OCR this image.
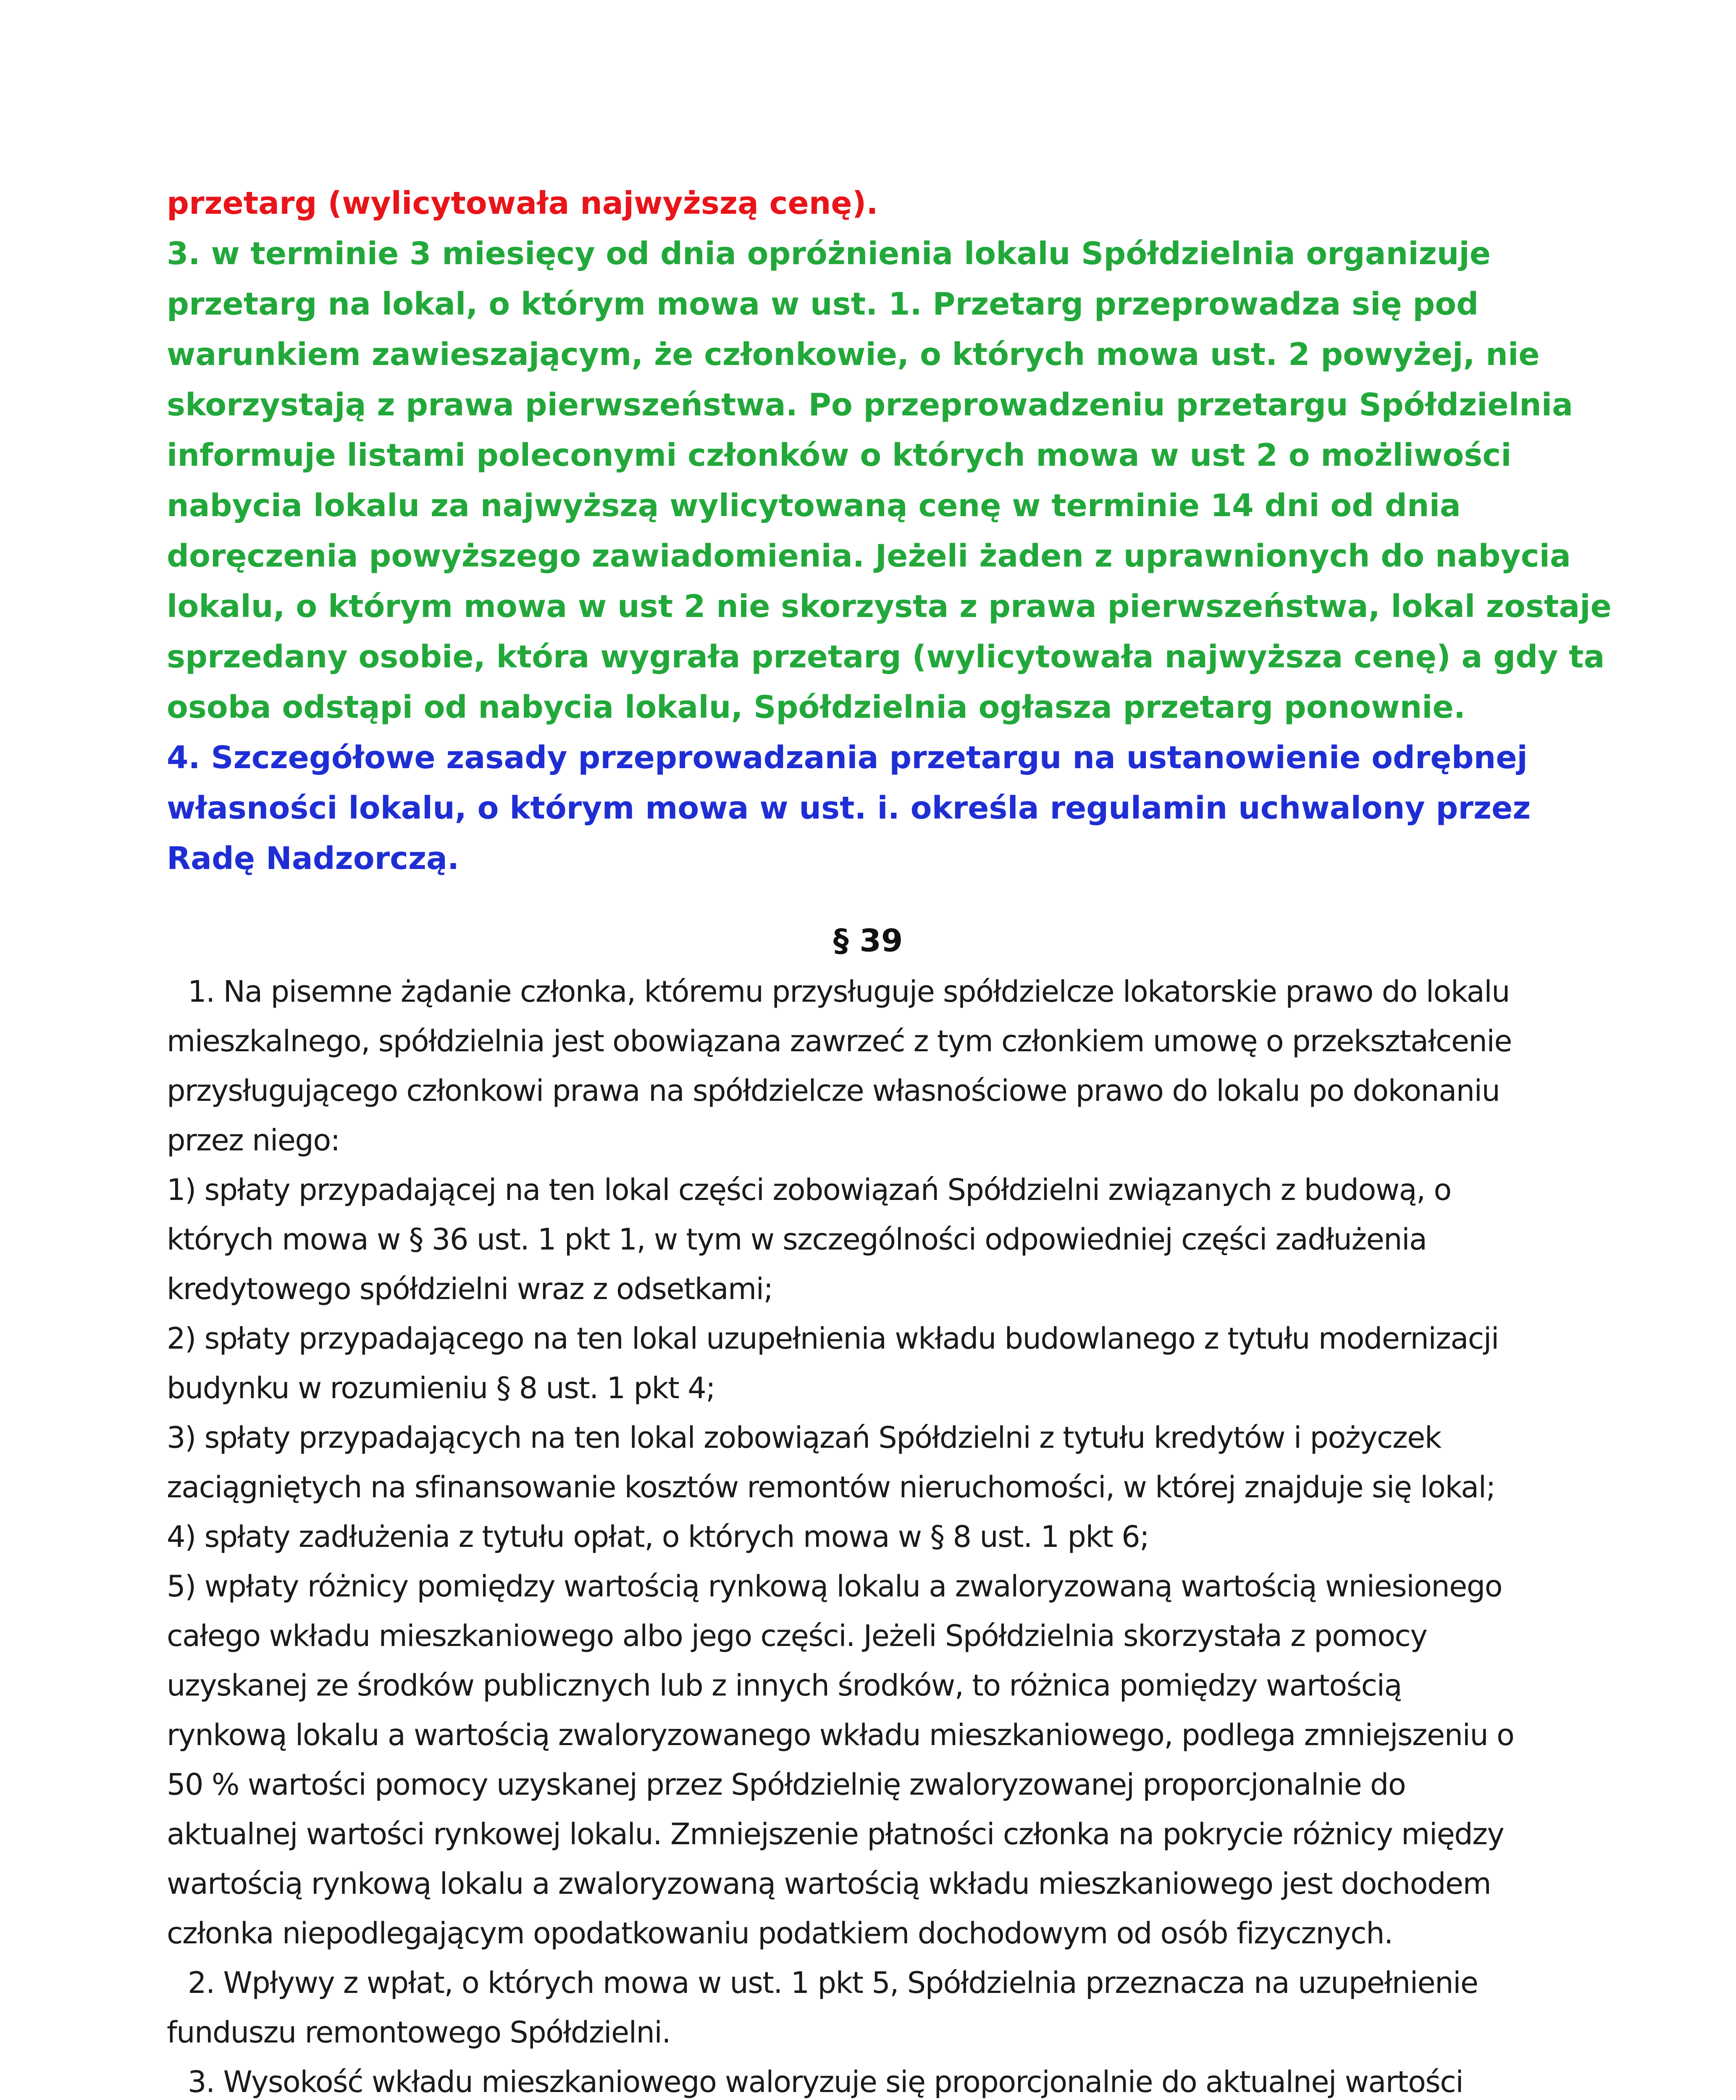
przetarg (wylicytowała najwyższą cenę).
3. w terminie 3 miesięcy od dnia opróżnienia lokalu Spółdzielnia organizuje
przetarg na lokal, o którym mowa w ust. 1. Przetarg przeprowadza się pod
warunkiem zawieszającym, że członkowie, o których mowa ust. 2 powyżej, nie
skorzystają z prawa pierwszeństwa. Po przeprowadzeniu przetargu Spółdzielnia
informuje listami poleconymi członków o których mowa w ust 2 o możliwości
nabycia lokalu za najwyższą wylicytowaną cenę w terminie 14 dni od dnia
doręczenia powyższego zawiadomienia. Jeżeli żaden z uprawnionych do nabycia
lokalu, o którym mowa w ust 2 nie skorzysta z prawa pierwszeństwa, lokal zostaje
sprzedany osobie, która wygrała przetarg (wylicytowała najwyższa cenę) a gdy ta
osoba odstąpi od nabycia lokalu, Spółdzielnia ogłasza przetarg ponownie.
4. Szczegółowe zasady przeprowadzania przetargu na ustanowienie odrębnej
własności lokalu, o którym mowa w ust. i. określa regulamin uchwalony przez
Radę Nadzorczą.
§ 39
1. Na pisemne żądanie członka, któremu przysługuje spółdzielcze lokatorskie prawo do lokalu
mieszkalnego, spółdzielnia jest obowiązana zawrzeć z tym członkiem umowę o przekształcenie
przysługującego członkowi prawa na spółdzielcze własnościowe prawo do lokalu po dokonaniu
przez niego:
1) spłaty przypadającej na ten lokal części zobowiązań Spółdzielni związanych z budową, o
których mowa w § 36 ust. 1 pkt 1, w tym w szczególności odpowiedniej części zadłużenia
kredytowego spółdzielni wraz z odsetkami;
2) spłaty przypadającego na ten lokal uzupełnienia wkładu budowlanego z tytułu modernizacji
budynku w rozumieniu § 8 ust. 1 pkt 4;
3) spłaty przypadających na ten lokal zobowiązań Spółdzielni z tytułu kredytów i pożyczek
zaciągniętych na sfinansowanie kosztów remontów nieruchomości, w której znajduje się lokal;
4) spłaty zadłużenia z tytułu opłat, o których mowa w § 8 ust. 1 pkt 6;
5) wpłaty różnicy pomiędzy wartością rynkową lokalu a zwaloryzowaną wartością wniesionego
całego wkładu mieszkaniowego albo jego części. Jeżeli Spółdzielnia skorzystała z pomocy
uzyskanej ze środków publicznych lub z innych środków, to różnica pomiędzy wartością
rynkową lokalu a wartością zwaloryzowanego wkładu mieszkaniowego, podlega zmniejszeniu o
50 % wartości pomocy uzyskanej przez Spółdzielnię zwaloryzowanej proporcjonalnie do
aktualnej wartości rynkowej lokalu. Zmniejszenie płatności członka na pokrycie różnicy między
wartością rynkową lokalu a zwaloryzowaną wartością wkładu mieszkaniowego jest dochodem
członka niepodlegającym opodatkowaniu podatkiem dochodowym od osób fizycznych.
2. Wpływy z wpłat, o których mowa w ust. 1 pkt 5, Spółdzielnia przeznacza na uzupełnienie
funduszu remontowego Spółdzielni.
3. Wysokość wkładu mieszkaniowego waloryzuje się proporcjonalnie do aktualnej wartości
